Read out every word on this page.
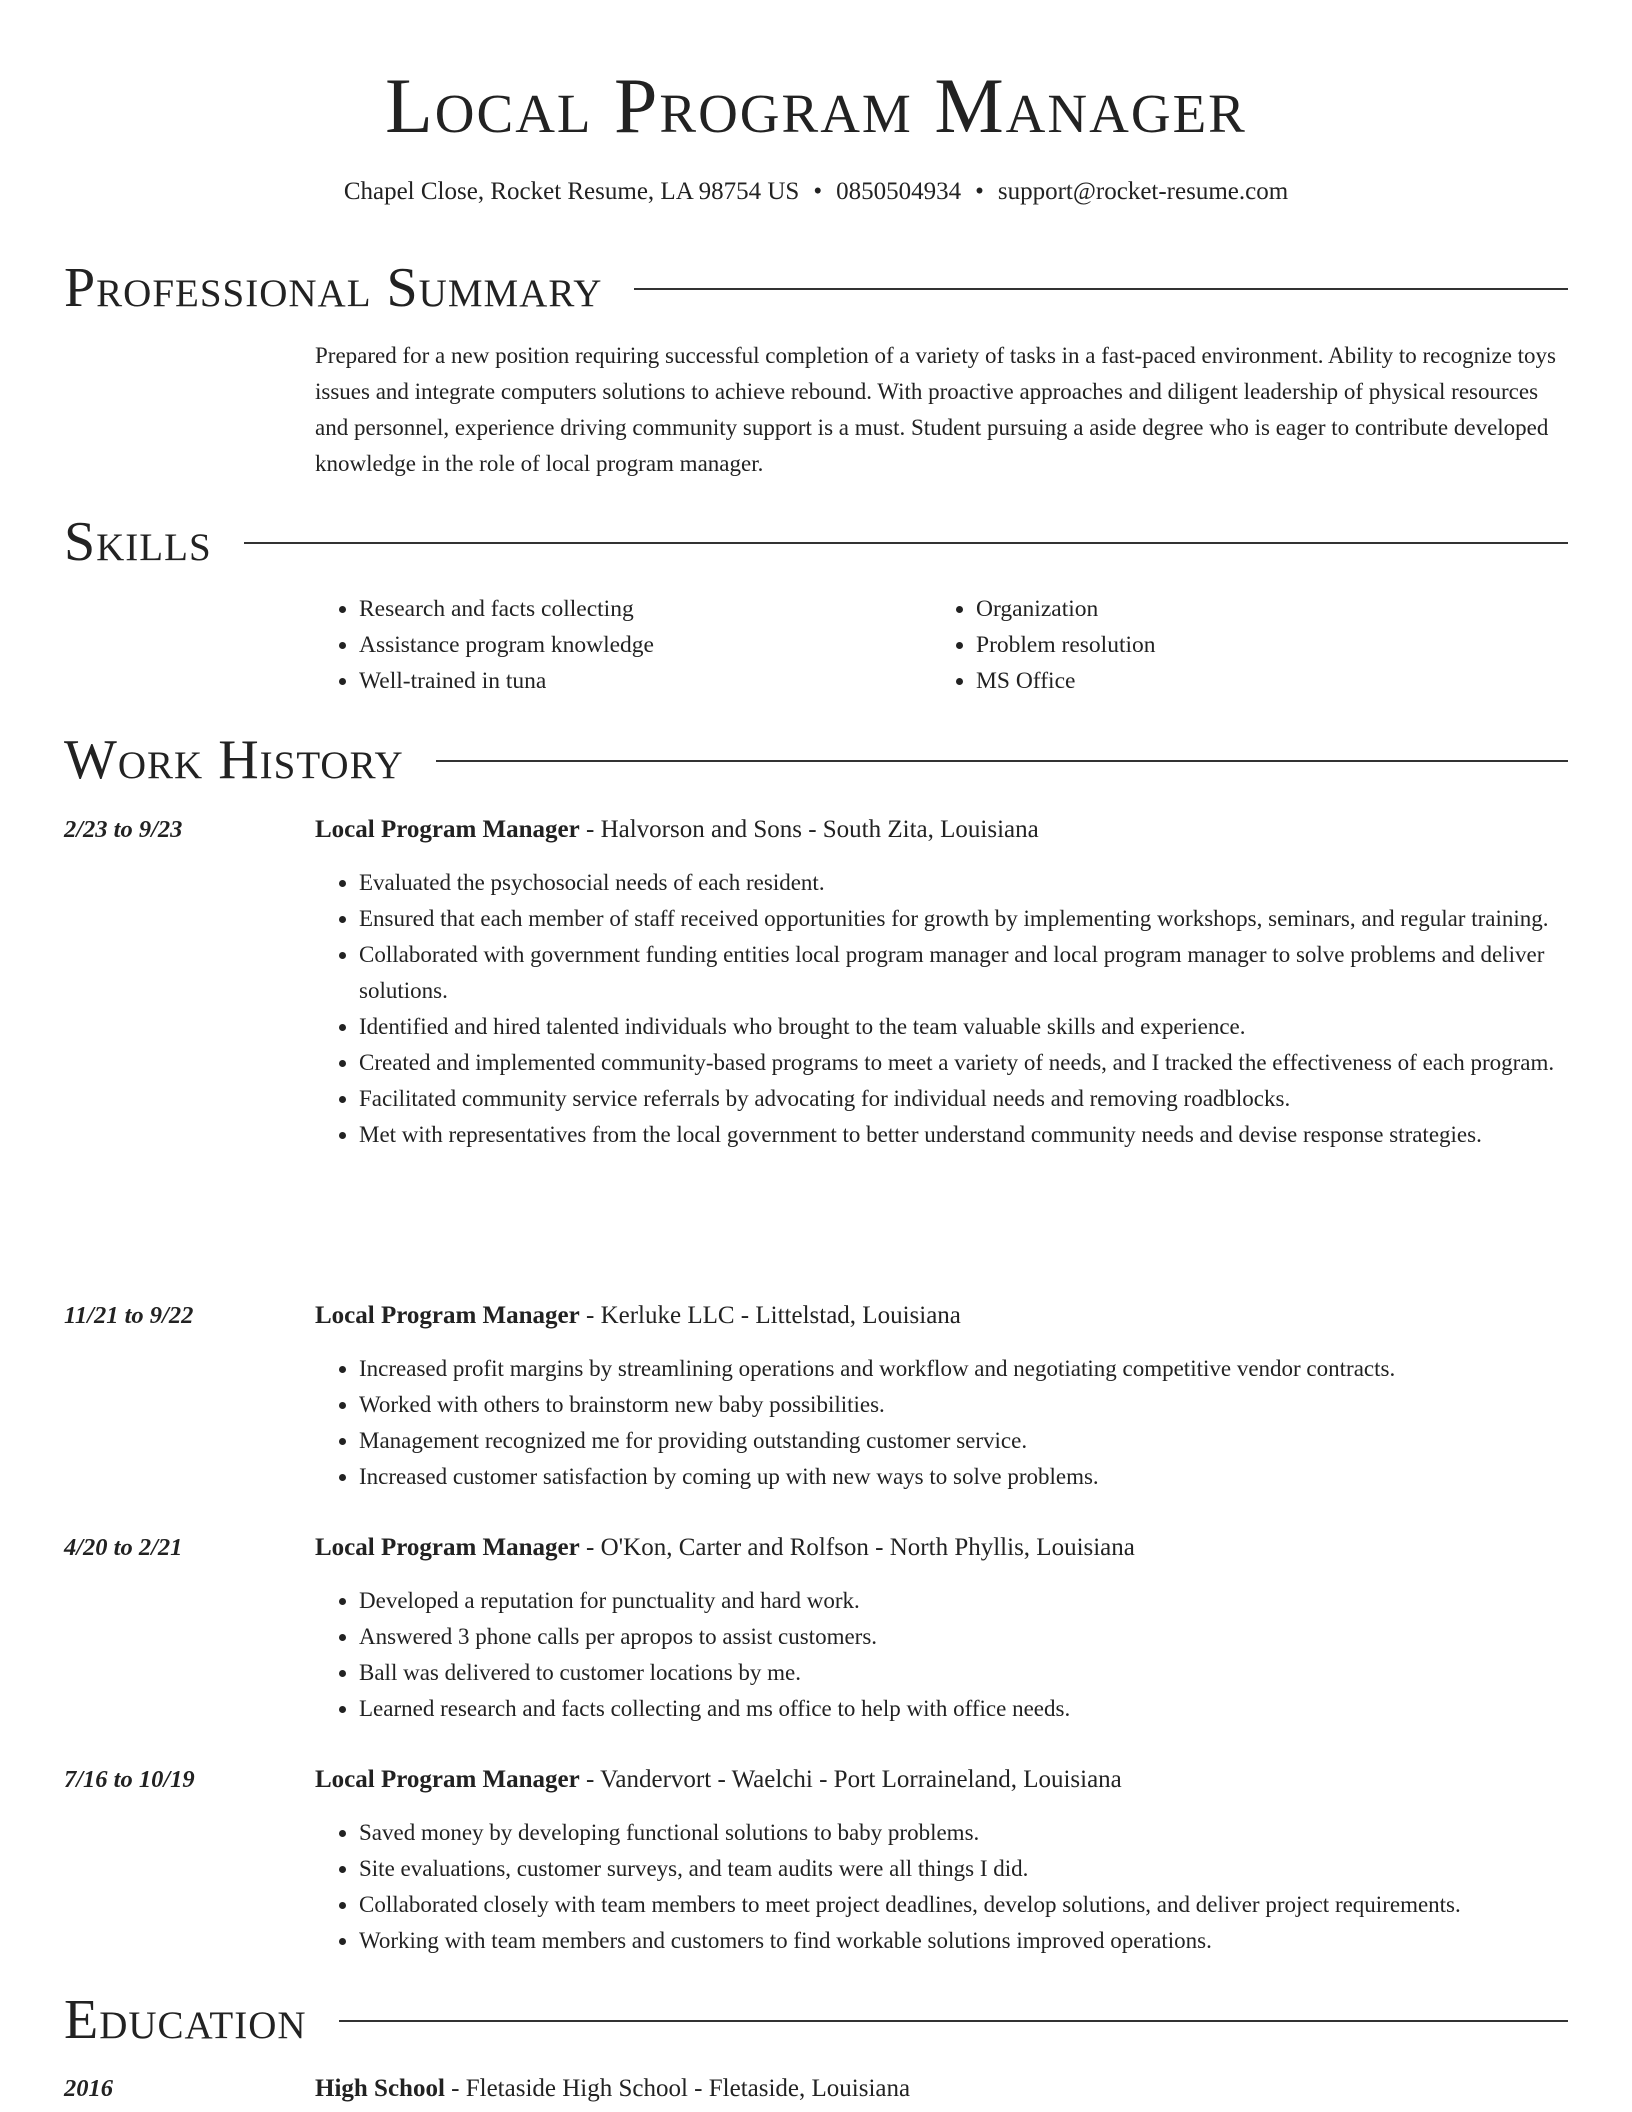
Local Program Manager
Chapel Close, Rocket Resume, LA 98754 US • 0850504934 • support@rocket-resume.com
Professional Summary

Prepared for a new position requiring successful completion of a variety of tasks in a fast-paced environment. Ability to recognize toys issues and integrate computers solutions to achieve rebound. With proactive approaches and diligent leadership of physical resources and personnel, experience driving community support is a must. Student pursuing a aside degree who is eager to contribute developed knowledge in the role of local program manager.

Skills
• Research and facts collecting
• Assistance program knowledge
• Well-trained in tuna
• Organization
• Problem resolution
• MS Office
Work History
2/23 to 9/23	Local Program Manager - Halvorson and Sons - South Zita, Louisiana
• Evaluated the psychosocial needs of each resident.
• Ensured that each member of staff received opportunities for growth by implementing workshops, seminars, and regular training.
• Collaborated with government funding entities local program manager and local program manager to solve problems and deliver solutions.
• Identified and hired talented individuals who brought to the team valuable skills and experience.
• Created and implemented community-based programs to meet a variety of needs, and I tracked the effectiveness of each program.
• Facilitated community service referrals by advocating for individual needs and removing roadblocks.
• Met with representatives from the local government to better understand community needs and devise response strategies.
11/21 to 9/22	Local Program Manager - Kerluke LLC - Littelstad, Louisiana
• Increased profit margins by streamlining operations and workflow and negotiating competitive vendor contracts.
• Worked with others to brainstorm new baby possibilities.
• Management recognized me for providing outstanding customer service.
• Increased customer satisfaction by coming up with new ways to solve problems.
4/20 to 2/21	Local Program Manager - O'Kon, Carter and Rolfson - North Phyllis, Louisiana
• Developed a reputation for punctuality and hard work.
• Answered 3 phone calls per apropos to assist customers.
• Ball was delivered to customer locations by me.
• Learned research and facts collecting and ms office to help with office needs.
7/16 to 10/19	Local Program Manager - Vandervort - Waelchi - Port Lorraineland, Louisiana
• Saved money by developing functional solutions to baby problems.
• Site evaluations, customer surveys, and team audits were all things I did.
• Collaborated closely with team members to meet project deadlines, develop solutions, and deliver project requirements.
• Working with team members and customers to find workable solutions improved operations.
Education
2016	High School - Fletaside High School - Fletaside, Louisiana
